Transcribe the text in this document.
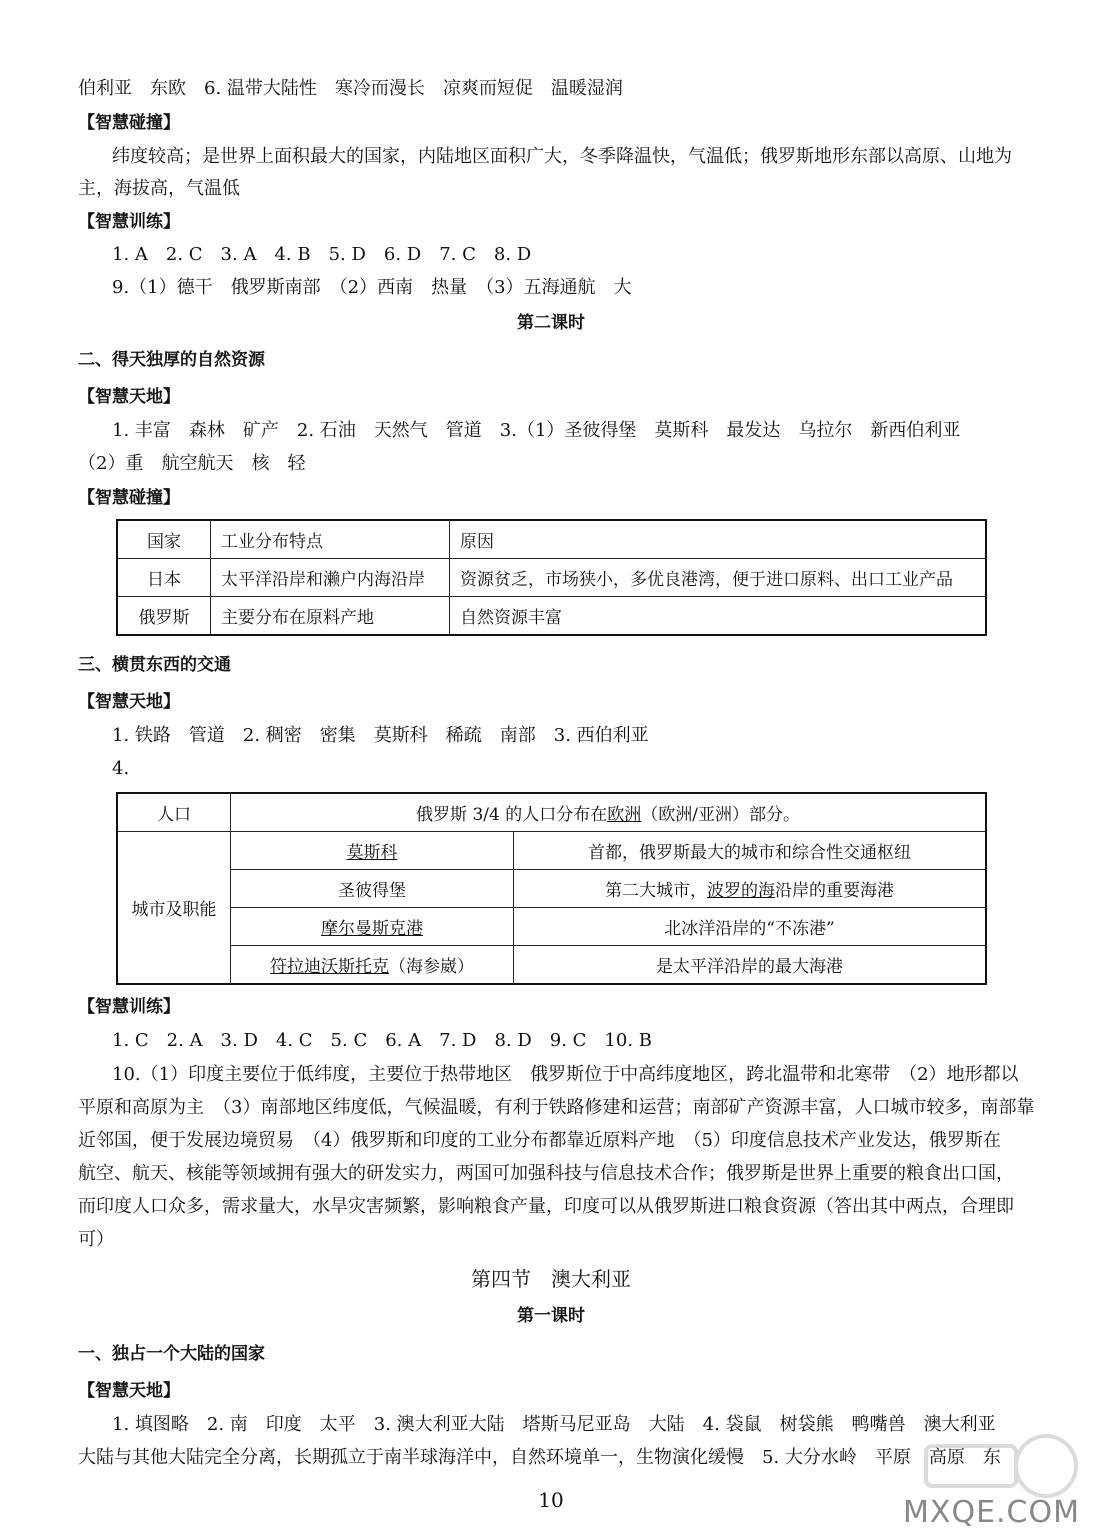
伯利亚　东欧　6. 温带大陆性　寒冷而漫长　凉爽而短促　温暖湿润
【智慧碰撞】
纬度较高；是世界上面积最大的国家，内陆地区面积广大，冬季降温快，气温低；俄罗斯地形东部以高原、山地为
主，海拔高，气温低
【智慧训练】
1. A　2. C　3. A　4. B　5. D　6. D　7. C　8. D
9.（1）德干　俄罗斯南部　（2）西南　热量　（3）五海通航　大
第二课时
二、得天独厚的自然资源
【智慧天地】
1. 丰富　森林　矿产　2. 石油　天然气　管道　3.（1）圣彼得堡　莫斯科　最发达　乌拉尔　新西伯利亚
（2）重　航空航天　核　轻
【智慧碰撞】
国家	工业分布特点	原因
日本	太平洋沿岸和濑户内海沿岸	资源贫乏，市场狭小，多优良港湾，便于进口原料、出口工业产品
俄罗斯	主要分布在原料产地	自然资源丰富
三、横贯东西的交通
【智慧天地】
1. 铁路　管道　2. 稠密　密集　莫斯科　稀疏　南部　3. 西伯利亚
4.
人口	俄罗斯 3/4 的人口分布在欧洲（欧洲/亚洲）部分。	
城市及职能	莫斯科	首都，俄罗斯最大的城市和综合性交通枢纽
	圣彼得堡	第二大城市，波罗的海沿岸的重要海港
	摩尔曼斯克港	北冰洋沿岸的“不冻港”
	符拉迪沃斯托克（海参崴）	是太平洋沿岸的最大海港
【智慧训练】
1. C　2. A　3. D　4. C　5. C　6. A　7. D　8. D　9. C　10. B
10.（1）印度主要位于低纬度，主要位于热带地区　俄罗斯位于中高纬度地区，跨北温带和北寒带　（2）地形都以
平原和高原为主　（3）南部地区纬度低，气候温暖，有利于铁路修建和运营；南部矿产资源丰富，人口城市较多，南部靠
近邻国，便于发展边境贸易　（4）俄罗斯和印度的工业分布都靠近原料产地　（5）印度信息技术产业发达，俄罗斯在
航空、航天、核能等领域拥有强大的研发实力，两国可加强科技与信息技术合作；俄罗斯是世界上重要的粮食出口国，
而印度人口众多，需求量大，水旱灾害频繁，影响粮食产量，印度可以从俄罗斯进口粮食资源（答出其中两点，合理即
可）
第四节　澳大利亚
第一课时
一、独占一个大陆的国家
【智慧天地】
1. 填图略　2. 南　印度　太平　3. 澳大利亚大陆　塔斯马尼亚岛　大陆　4. 袋鼠　树袋熊　鸭嘴兽　澳大利亚
大陆与其他大陆完全分离，长期孤立于南半球海洋中，自然环境单一，生物演化缓慢　5. 大分水岭　平原　高原　东
10	MXQE.COM
